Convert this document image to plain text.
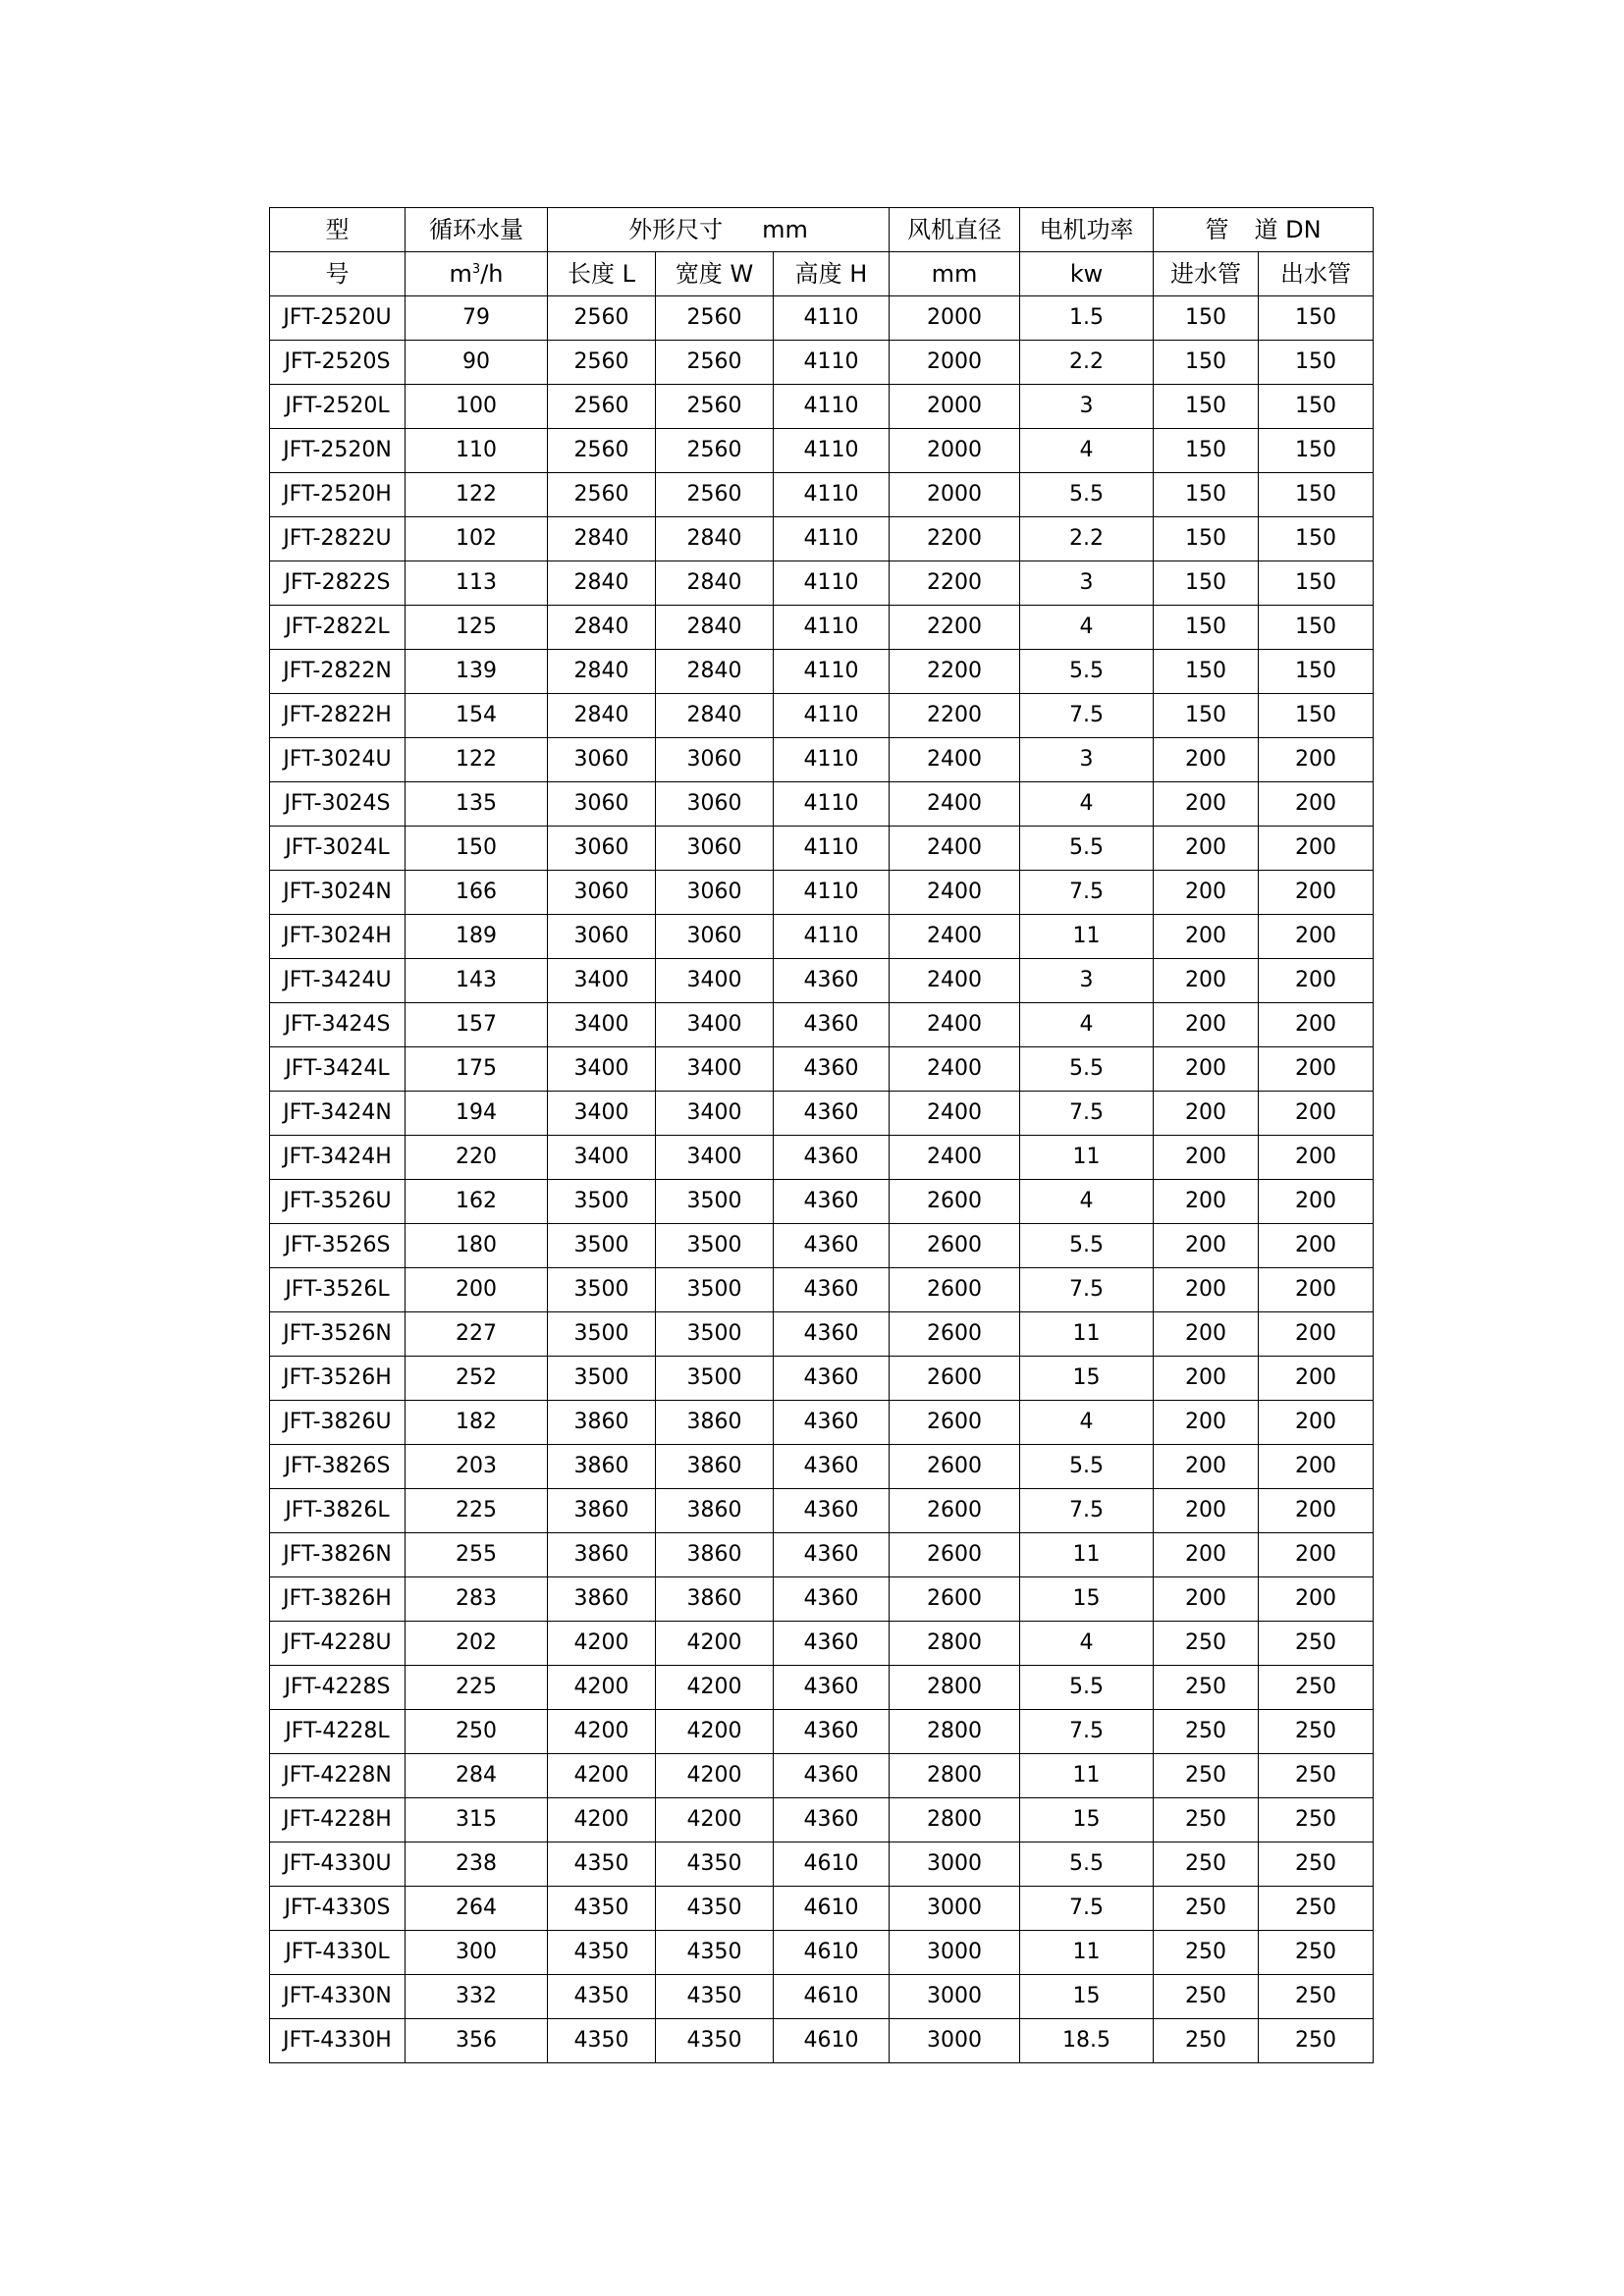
型	循环水量	外形尺寸 mm			风机直径	电机功率	管 道 DN	
号	$m^3/h$	长度 L	宽度 W	高度 H	mm	kw	进水管	出水管
JFT-2520U	79	2560	2560	4110	2000	1.5	150	150
JFT-2520S	90	2560	2560	4110	2000	2.2	150	150
JFT-2520L	100	2560	2560	4110	2000	3	150	150
JFT-2520N	110	2560	2560	4110	2000	4	150	150
JFT-2520H	122	2560	2560	4110	2000	5.5	150	150
JFT-2822U	102	2840	2840	4110	2200	2.2	150	150
JFT-2822S	113	2840	2840	4110	2200	3	150	150
JFT-2822L	125	2840	2840	4110	2200	4	150	150
JFT-2822N	139	2840	2840	4110	2200	5.5	150	150
JFT-2822H	154	2840	2840	4110	2200	7.5	150	150
JFT-3024U	122	3060	3060	4110	2400	3	200	200
JFT-3024S	135	3060	3060	4110	2400	4	200	200
JFT-3024L	150	3060	3060	4110	2400	5.5	200	200
JFT-3024N	166	3060	3060	4110	2400	7.5	200	200
JFT-3024H	189	3060	3060	4110	2400	11	200	200
JFT-3424U	143	3400	3400	4360	2400	3	200	200
JFT-3424S	157	3400	3400	4360	2400	4	200	200
JFT-3424L	175	3400	3400	4360	2400	5.5	200	200
JFT-3424N	194	3400	3400	4360	2400	7.5	200	200
JFT-3424H	220	3400	3400	4360	2400	11	200	200
JFT-3526U	162	3500	3500	4360	2600	4	200	200
JFT-3526S	180	3500	3500	4360	2600	5.5	200	200
JFT-3526L	200	3500	3500	4360	2600	7.5	200	200
JFT-3526N	227	3500	3500	4360	2600	11	200	200
JFT-3526H	252	3500	3500	4360	2600	15	200	200
JFT-3826U	182	3860	3860	4360	2600	4	200	200
JFT-3826S	203	3860	3860	4360	2600	5.5	200	200
JFT-3826L	225	3860	3860	4360	2600	7.5	200	200
JFT-3826N	255	3860	3860	4360	2600	11	200	200
JFT-3826H	283	3860	3860	4360	2600	15	200	200
JFT-4228U	202	4200	4200	4360	2800	4	250	250
JFT-4228S	225	4200	4200	4360	2800	5.5	250	250
JFT-4228L	250	4200	4200	4360	2800	7.5	250	250
JFT-4228N	284	4200	4200	4360	2800	11	250	250
JFT-4228H	315	4200	4200	4360	2800	15	250	250
JFT-4330U	238	4350	4350	4610	3000	5.5	250	250
JFT-4330S	264	4350	4350	4610	3000	7.5	250	250
JFT-4330L	300	4350	4350	4610	3000	11	250	250
JFT-4330N	332	4350	4350	4610	3000	15	250	250
JFT-4330H	356	4350	4350	4610	3000	18.5	250	250
